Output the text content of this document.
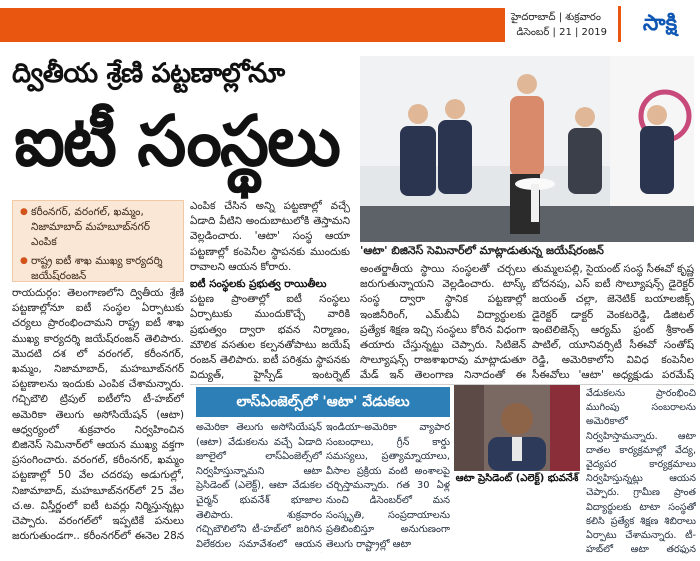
హైదరాబాద్ | శుక్రవారం
డిసెంబర్ | 21 | 2019	సాక్షి
ద్వితీయ శ్రేణి పట్టణాల్లోనూ
ఐటీ సంస్థలు
'ఆటా' బిజినెస్ సెమినార్‌లో మాట్లాడుతున్న జయేష్‌రంజన్
● కరీంనగర్, వరంగల్, ఖమ్మం, నిజామాబాద్ మహబూబ్‌నగర్ ఎంపిక
● రాష్ట్ర ఐటీ శాఖ ముఖ్య కార్యదర్శి జయేష్‌రంజన్
రాయదుర్గం: తెలంగాణలోని ద్వితీయ శ్రేణి పట్టణాల్లోనూ ఐటీ సంస్థల ఏర్పాటుకు చర్యలు ప్రారంభించామని రాష్ట్ర ఐటీ శాఖ ముఖ్య కార్యదర్శి జయేష్‌రంజన్ తెలిపారు. మొదటి దశ లో వరంగల్, కరీంనగర్, ఖమ్మం, నిజామాబాద్, మహబూబ్‌నగర్ పట్టణాలను ఇందుకు ఎంపిక చేశామన్నారు. గచ్చిబౌలి ట్రిపుల్ ఐటీలోని టీ-హబ్‌లో అమెరికా తెలుగు అసోసియేషన్ (ఆటా) ఆధ్వర్యంలో శుక్రవారం నిర్వహించిన బిజినెస్ సెమినార్‌లో ఆయన ముఖ్య వక్తగా ప్రసంగించారు. వరంగల్, కరీంనగర్, ఖమ్మం పట్టణాల్లో 50 వేల చదరపు అడుగుల్లో, నిజామాబాద్, మహబూబ్‌నగర్‌లో 25 వేల చ.అ. విస్తీర్ణంలో ఐటీ టవర్లు నిర్మిస్తున్నట్లు చెప్పారు. వరంగల్‌లో ఇప్పటికే పనులు జరుగుతుండగా.. కరీంనగర్‌లో ఈనెల 28న
ఎంపిక చేసిన అన్ని పట్టణాల్లో వచ్చే ఏడాది వీటిని అందుబాటులోకి తెస్తామని వెల్లడించారు. 'ఆటా' సంస్థ ఆయా పట్టణాల్లో కంపెనీల స్థాపనకు ముందుకు రావాలని ఆయన కోరారు.
ఐటీ సంస్థలకు ప్రభుత్వ రాయితీలు
పట్టణ ప్రాంతాల్లో ఐటీ సంస్థలు ఏర్పాటుకు ముందుకొచ్చే వారికి ప్రభుత్వం ద్వారా భవన నిర్మాణం, మౌలిక వసతుల కల్పనతోపాటు జయేష్ రంజన్ తెలిపారు. ఐటీ పరిశ్రమ స్థాపనకు విద్యుత్, హైస్పీడ్ ఇంటర్నెట్
అంతర్జాతీయ స్థాయి సంస్థలతో చర్చలు జరుగుతున్నాయని వెల్లడించారు. టాస్క్ సంస్థ ద్వారా స్థానిక పట్టణాల్లో ఇంజినీరింగ్, ఎమ్‌బీఏ విద్యార్థులకు ప్రత్యేక శిక్షణ ఇచ్చి సంస్థలు కోరిన విధంగా తయారు చేస్తున్నట్టు చెప్పారు. సిటిజెన్ సొల్యూషన్స్ రాజశాఖరావు మాట్లాడుతూ మేడ్ ఇన్ తెలంగాణ నినాదంతో ఈ
తుమ్మలపల్లి, సైయంట్ సంస్థ సీఈవో కృష్ణ బోదనపు, ఎస్ ఐటీ సొల్యూషన్స్ డైరెక్టర్ జయంత్ చల్లా, జెనెటిక్ బయాలజిక్స్ డైరెక్టర్ డాక్టర్ వెంకటరెడ్డి, డిజిటల్ ఇంటెలిజెన్స్ ఆర్యమ్ ఫ్రంట్ శ్రీకాంత్ పాటిల్, యూనివర్సిటీ సీఈవో సంతోష్ రెడ్డి, అమెరికాలోని వివిధ కంపెనీల సీఈవోలు 'ఆటా' అధ్యక్షుడు పరమేష్
లాస్‌ఏంజెల్స్‌లో 'ఆటా' వేడుకలు
అమెరికా తెలుగు అసోసియేషన్ (ఆటా) వేడుకలను వచ్చే ఏడాది జూలైలో లాస్‌ఏంజెల్స్‌లో నిర్వహిస్తున్నామని ఆటా ప్రెసిడెంట్ (ఎలెక్ట్), ఆటా వేడుకల చైర్మన్ భువనేశ్ భూజాల తెలిపారు. శుక్రవారం గచ్చిబౌలిలోని టీ-హబ్‌లో జరిగిన విలేకరుల సమావేశంలో ఆయన
ఇండియా-అమెరికా వ్యాపార సంబంధాలు, గ్రీన్ కార్డు సమస్యలు, ప్రత్యామ్నాయాలు, వీసాల ప్రక్రియ వంటి అంశాలపై చర్చిస్తామన్నారు. గత 30 ఏళ్ల నుంచి డిసెంబర్‌లో మన సంస్కృతి, సంప్రదాయాలను ప్రతిబింబిస్తూ అనుగుణంగా తెలుగు రాష్ట్రాల్లో ఆటా
ఆటా ప్రెసిడెంట్ (ఎలెక్ట్) భువనేశ్
వేడుకలను ప్రారంభించి ముగింపు సంబరాలను అమెరికాలో నిర్వహిస్తామన్నారు. ఆటా దాతల కార్యక్రమాల్లో వేద్య, వైద్యపర కార్యక్రమాలు నిర్వహిస్తున్నట్లు ఆయన చెప్పారు. గ్రామీణ ప్రాంత విద్యార్థులకు టాటా సంస్థతో కలిసి ప్రత్యేక శిక్షణ శిబిరాలు ఏర్పాటు చేశామన్నారు. టీ-హబ్‌లో ఆటా తరఫున
